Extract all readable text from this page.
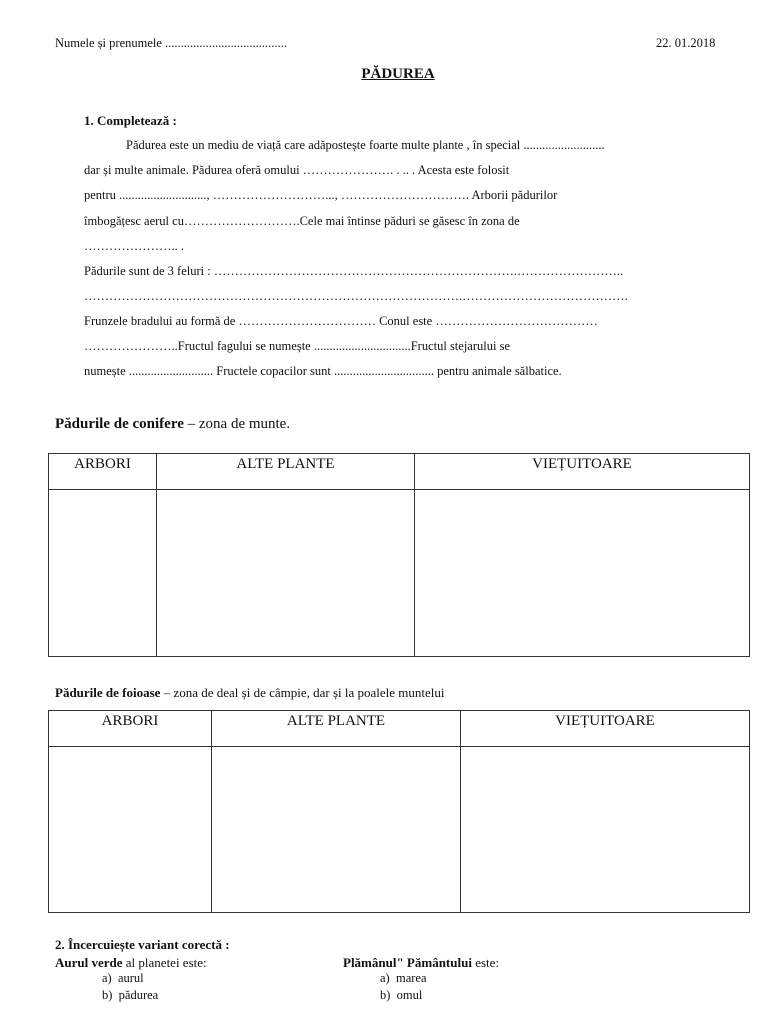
Numele și prenumele .......................................	22. 01.2018
PĂDUREA
1. Completează :
Pădurea este un mediu de viață care adăpostește foarte multe plante , în special ..........................
dar și multe animale. Pădurea oferă omului …………………. . .. . Acesta este folosit
pentru ............................, ………………………..., …………………………. Arborii pădurilor
îmbogățesc aerul cu……………………….Cele mai întinse păduri se găsesc în zona de
………………….. .
Pădurile sunt de 3 feluri : ……………………………………………………………….……………………..
……………………………………………………………………………….………………………………….
Frunzele bradului au formă de …………………………… Conul este …………………………………
…………………..Fructul fagului se numește ...............................Fructul stejarului se
numește ........................... Fructele copacilor sunt ................................ pentru animale sălbatice.
Pădurile de conifere – zona de munte.
ARBORI	ALTE PLANTE	VIEȚUITOARE

Pădurile de foioase – zona de deal și de câmpie, dar și la poalele muntelui
ARBORI	ALTE PLANTE	VIEȚUITOARE

2. Încercuiește variant corectă :
Aurul verde al planetei este:
a) aurul
b) pădurea
Plămânul" Pământului este:
a) marea
b) omul
